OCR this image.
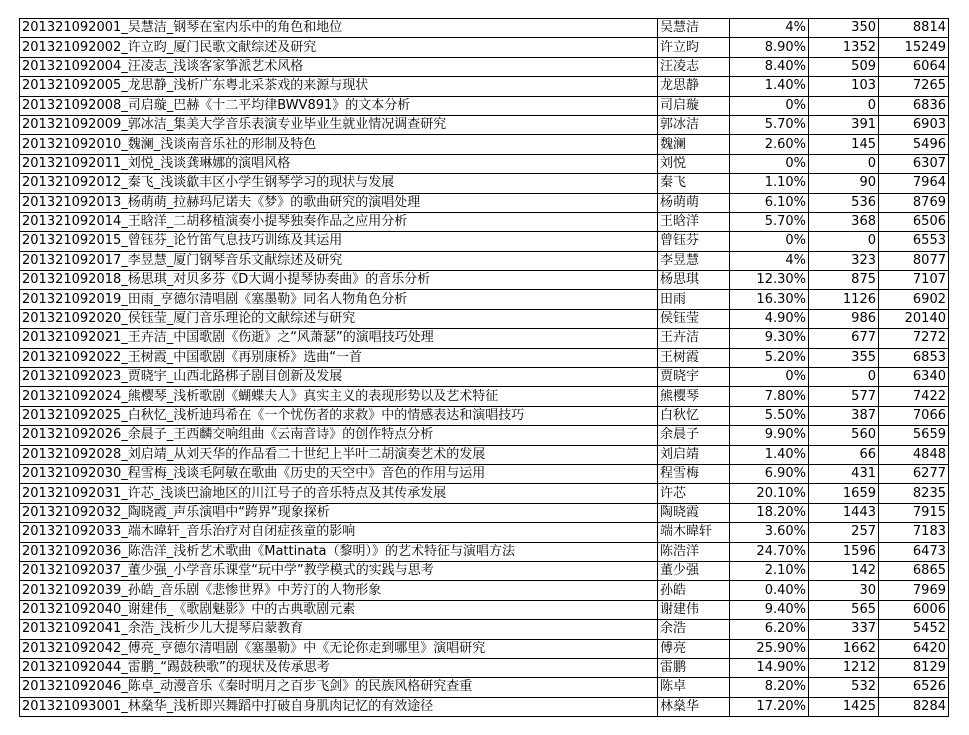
201321092001_吴慧洁_钢琴在室内乐中的角色和地位	吴慧洁	4%	350	8814
201321092002_许立昀_厦门民歌文献综述及研究	许立昀	8.90%	1352	15249
201321092004_汪凌志_浅谈客家筝派艺术风格	汪凌志	8.40%	509	6064
201321092005_龙思静_浅析广东粤北采茶戏的来源与现状	龙思静	1.40%	103	7265
201321092008_司启璇_巴赫《十二平均律BWV891》的文本分析	司启璇	0%	0	6836
201321092009_郭冰洁_集美大学音乐表演专业毕业生就业情况调查研究	郭冰洁	5.70%	391	6903
201321092010_魏澜_浅谈南音乐社的形制及特色	魏澜	2.60%	145	5496
201321092011_刘悦_浅谈龚琳娜的演唱风格	刘悦	0%	0	6307
201321092012_秦飞_浅谈歙丰区小学生钢琴学习的现状与发展	秦飞	1.10%	90	7964
201321092013_杨萌萌_拉赫玛尼诺夫《梦》的歌曲研究的演唱处理	杨萌萌	6.10%	536	8769
201321092014_王晗洋_二胡移植演奏小提琴独奏作品之应用分析	王晗洋	5.70%	368	6506
201321092015_曾钰芬_论竹笛气息技巧训练及其运用	曾钰芬	0%	0	6553
201321092017_李昱慧_厦门钢琴音乐文献综述及研究	李昱慧	4%	323	8077
201321092018_杨思琪_对贝多芬《D大调小提琴协奏曲》的音乐分析	杨思琪	12.30%	875	7107
201321092019_田雨_亨德尔清唱剧《塞墨勒》同名人物角色分析	田雨	16.30%	1126	6902
201321092020_侯钰莹_厦门音乐理论的文献综述与研究	侯钰莹	4.90%	986	20140
201321092021_王卉洁_中国歌剧《伤逝》之“风萧瑟”的演唱技巧处理	王卉洁	9.30%	677	7272
201321092022_王树霞_中国歌剧《再别康桥》选曲“一首	王树霞	5.20%	355	6853
201321092023_贾晓宇_山西北路梆子剧目创新及发展	贾晓宇	0%	0	6340
201321092024_熊樱琴_浅析歌剧《蝴蝶夫人》真实主义的表现形势以及艺术特征	熊樱琴	7.80%	577	7422
201321092025_白秋忆_浅析迪玛希在《一个忧伤者的求救》中的情感表达和演唱技巧	白秋忆	5.50%	387	7066
201321092026_余晨子_王西麟交响组曲《云南音诗》的创作特点分析	余晨子	9.90%	560	5659
201321092028_刘启靖_从刘天华的作品看二十世纪上半叶二胡演奏艺术的发展	刘启靖	1.40%	66	4848
201321092030_程雪梅_浅谈毛阿敏在歌曲《历史的天空中》音色的作用与运用	程雪梅	6.90%	431	6277
201321092031_许芯_浅谈巴渝地区的川江号子的音乐特点及其传承发展	许芯	20.10%	1659	8235
201321092032_陶晓霞_声乐演唱中“跨界”现象探析	陶晓霞	18.20%	1443	7915
201321092033_端木暐轩_音乐治疗对自闭症孩童的影响	端木暐轩	3.60%	257	7183
201321092036_陈浩洋_浅析艺术歌曲《Mattinata（黎明）》的艺术特征与演唱方法	陈浩洋	24.70%	1596	6473
201321092037_董少强_小学音乐课堂“玩中学”教学模式的实践与思考	董少强	2.10%	142	6865
201321092039_孙皓_音乐剧《悲惨世界》中芳汀的人物形象	孙皓	0.40%	30	7969
201321092040_谢建伟_《歌剧魅影》中的古典歌剧元素	谢建伟	9.40%	565	6006
201321092041_余浩_浅析少儿大提琴启蒙教育	余浩	6.20%	337	5452
201321092042_傅亮_亨德尔清唱剧《塞墨勒》中《无论你走到哪里》演唱研究	傅亮	25.90%	1662	6420
201321092044_雷鹏_“踢鼓秧歌”的现状及传承思考	雷鹏	14.90%	1212	8129
201321092046_陈卓_动漫音乐《秦时明月之百步飞剑》的民族风格研究查重	陈卓	8.20%	532	6526
201321093001_林燊华_浅析即兴舞蹈中打破自身肌肉记忆的有效途径	林燊华	17.20%	1425	8284
